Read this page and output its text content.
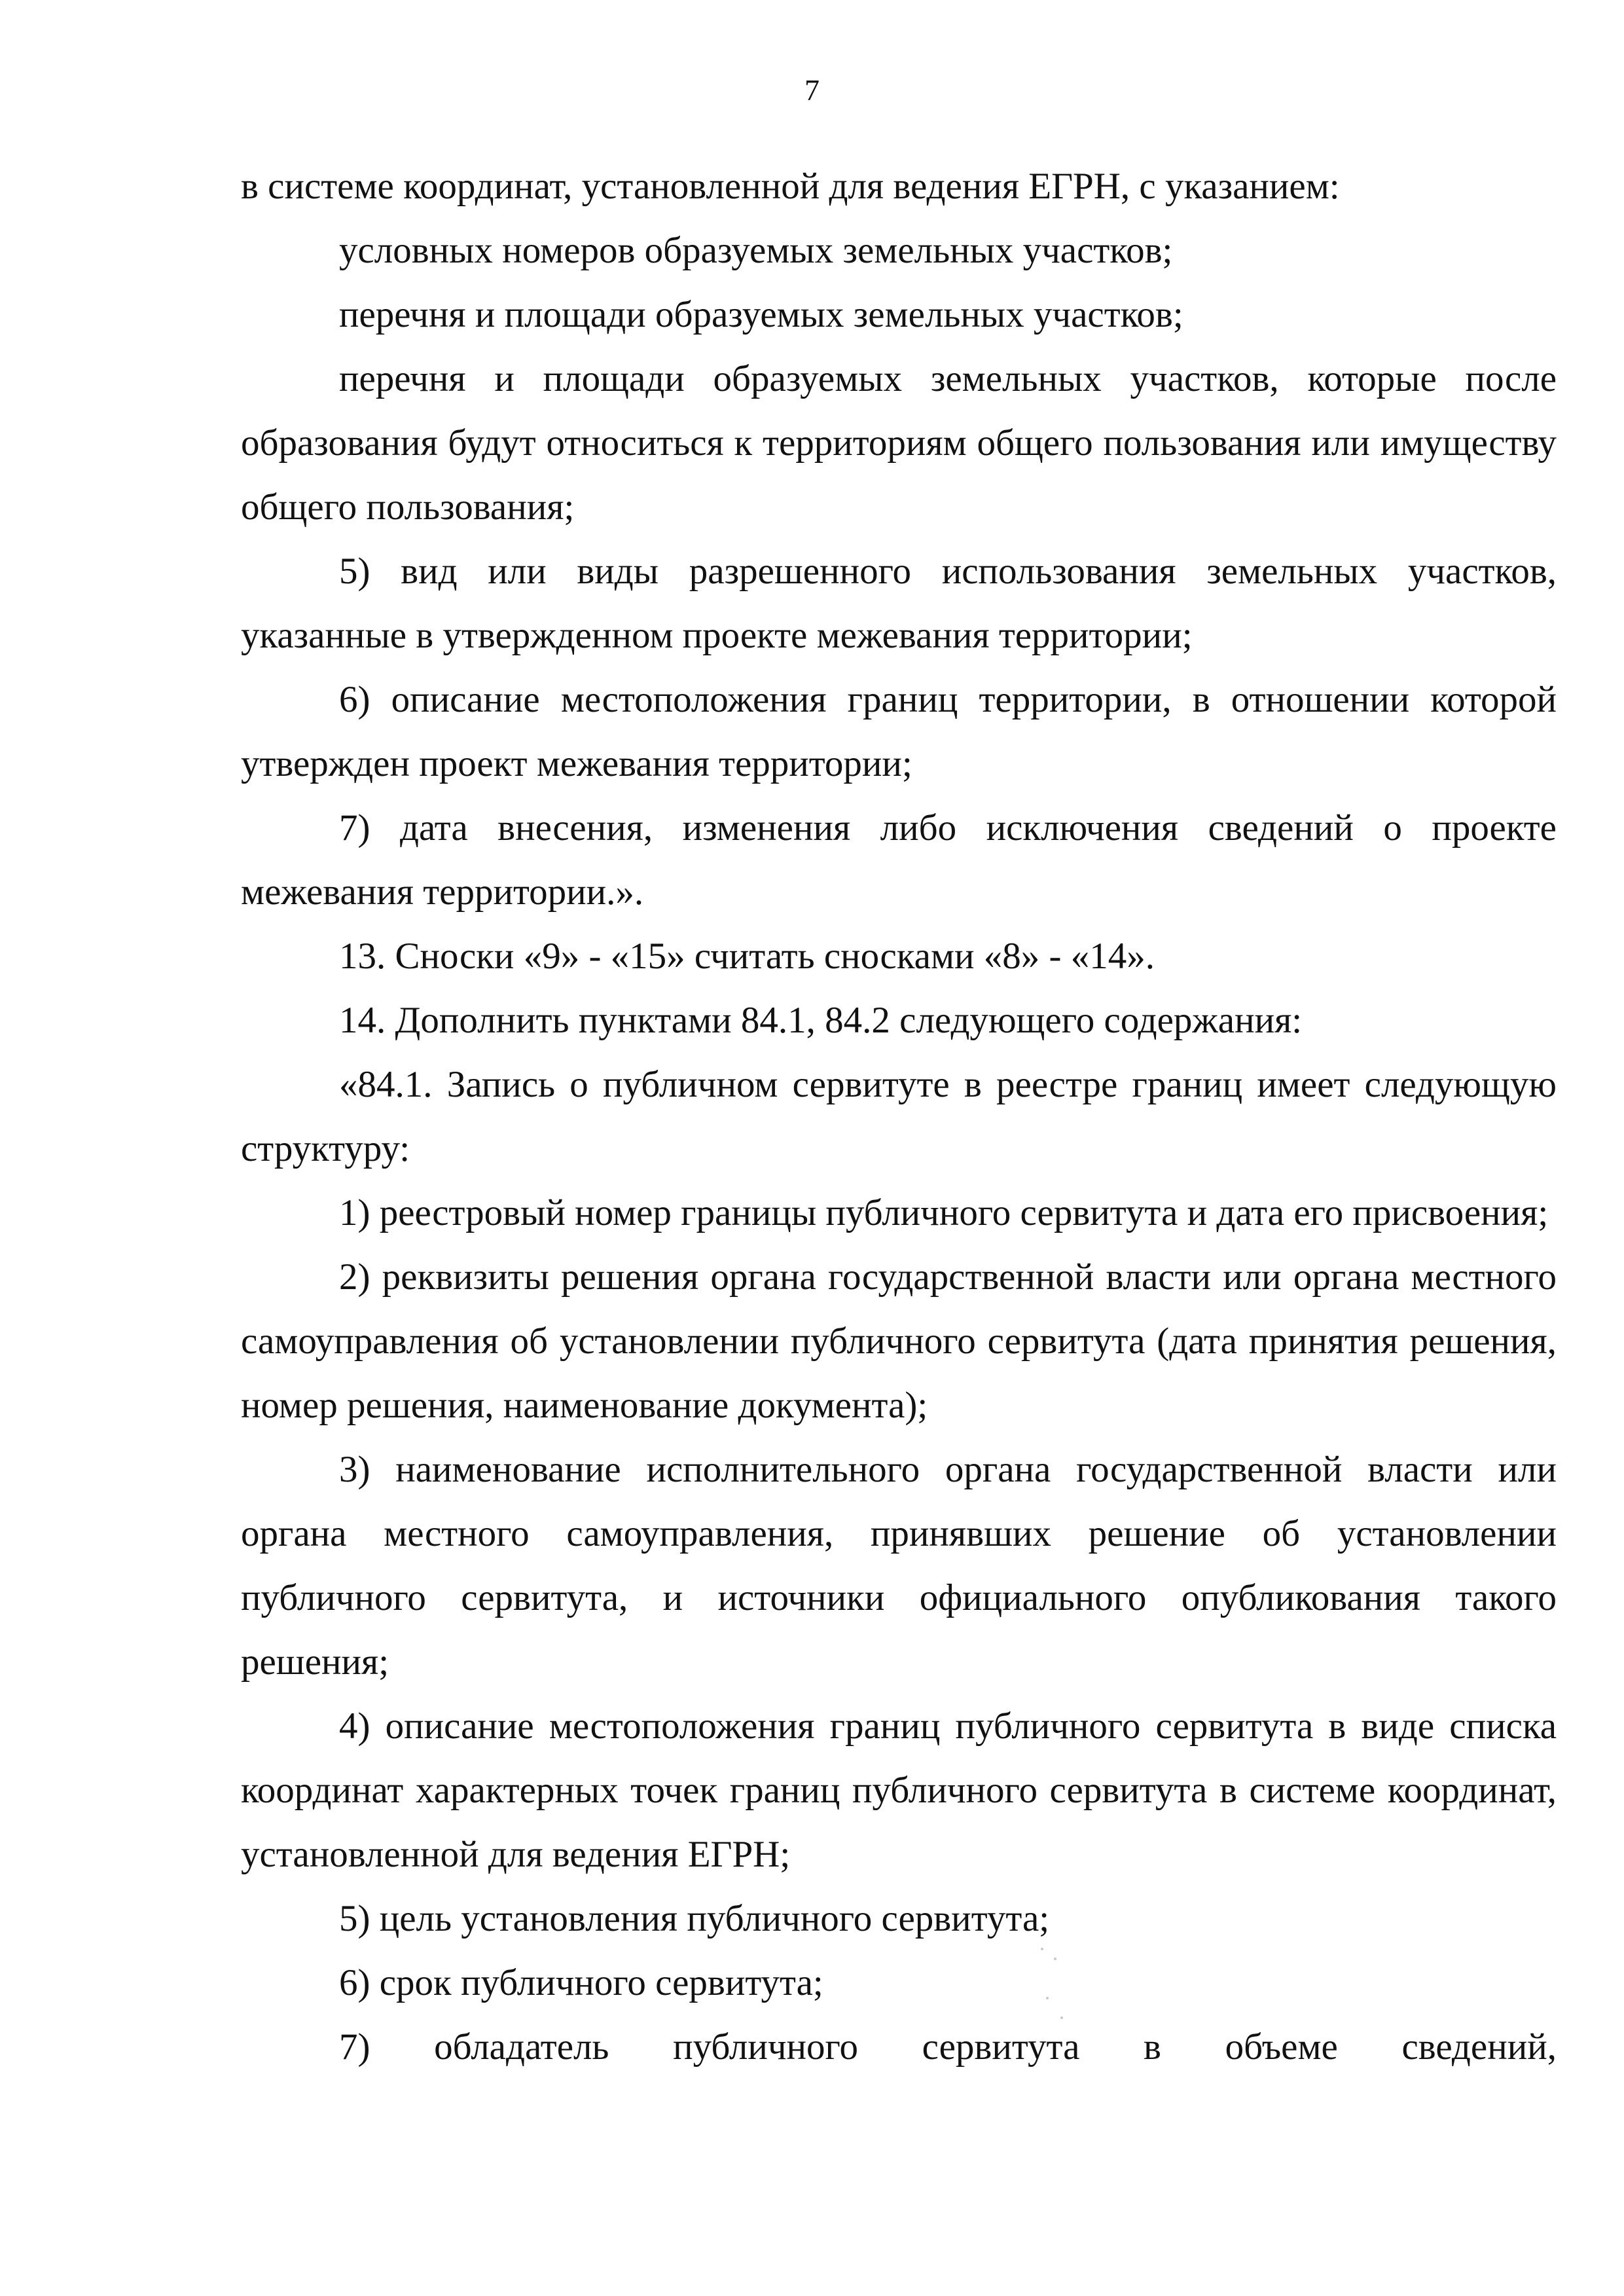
7

в системе координат, установленной для ведения ЕГРН, с указанием:

условных номеров образуемых земельных участков;

перечня и площади образуемых земельных участков;

перечня и площади образуемых земельных участков, которые после образования будут относиться к территориям общего пользования или имуществу общего пользования;

5) вид или виды разрешенного использования земельных участков, указанные в утвержденном проекте межевания территории;

6) описание местоположения границ территории, в отношении которой утвержден проект межевания территории;

7) дата внесения, изменения либо исключения сведений о проекте межевания территории.».

13. Сноски «9» - «15» считать сносками «8» - «14».

14. Дополнить пунктами 84.1, 84.2 следующего содержания:

«84.1. Запись о публичном сервитуте в реестре границ имеет следующую структуру:

1) реестровый номер границы публичного сервитута и дата его присвоения;

2) реквизиты решения органа государственной власти или органа местного самоуправления об установлении публичного сервитута (дата принятия решения, номер решения, наименование документа);

3) наименование исполнительного органа государственной власти или органа местного самоуправления, принявших решение об установлении публичного сервитута, и источники официального опубликования такого решения;

4) описание местоположения границ публичного сервитута в виде списка координат характерных точек границ публичного сервитута в системе координат, установленной для ведения ЕГРН;

5) цель установления публичного сервитута;

6) срок публичного сервитута;

7) обладатель публичного сервитута в объеме сведений,
